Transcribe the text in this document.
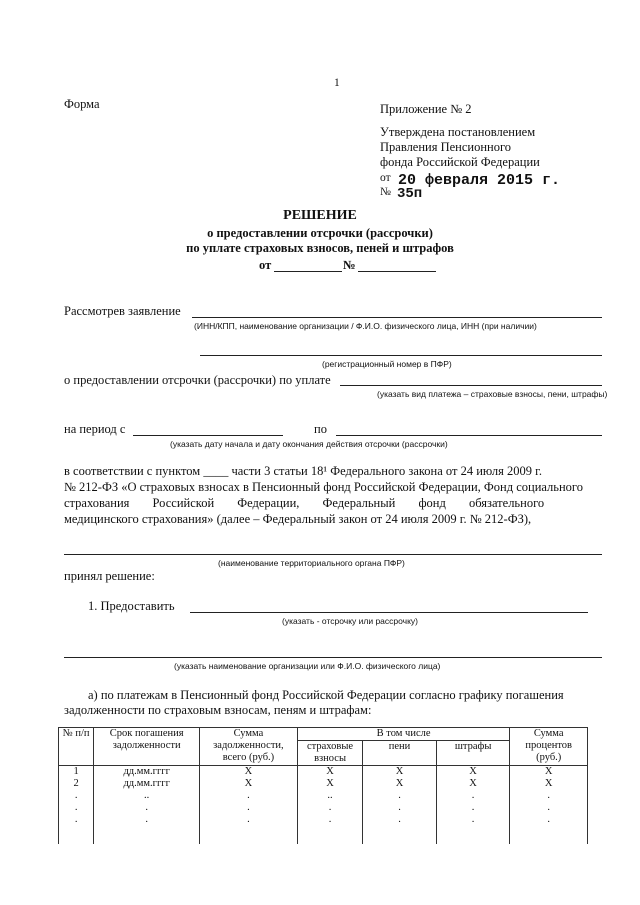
1
Форма	Приложение № 2
Утверждена постановлением
Правления Пенсионного
фонда Российской Федерации
от 20 февраля 2015 г.
№ 35п
РЕШЕНИЕ
о предоставлении отсрочки (рассрочки)
по уплате страховых взносов, пеней и штрафов
от	№
Рассмотрев заявление
(ИНН/КПП, наименование организации / Ф.И.О. физического лица, ИНН (при наличии)
(регистрационный номер в ПФР)
о предоставлении отсрочки (рассрочки) по уплате
(указать вид платежа – страховые взносы, пени, штрафы)
на период с	по
(указать дату начала и дату окончания действия отсрочки (рассрочки)
в соответствии с пунктом ____ части 3 статьи 18¹ Федерального закона от 24 июля 2009 г.
№ 212-ФЗ «О страховых взносах в Пенсионный фонд Российской Федерации, Фонд социального
страхования Российской Федерации, Федеральный фонд обязательного
медицинского страхования» (далее – Федеральный закон от 24 июля 2009 г. № 212-ФЗ),
(наименование территориального органа ПФР)
принял решение:
1. Предоставить
(указать - отсрочку или рассрочку)
(указать наименование организации или Ф.И.О. физического лица)
а) по платежам в Пенсионный фонд Российской Федерации согласно графику погашения
задолженности по страховым взносам, пеням и штрафам:
№ п/п	Срок погашения задолженности	Сумма задолженности, всего (руб.)	В том числе			Сумма процентов (руб.)
			страховые взносы	пени	штрафы	
1	дд.мм.гггг	X	X	X	X	X
2	дд.мм.гггг	X	X	X	X	X
.	..	.	..	.	.	.
.	.	.	.	.	.	.
.	.	.	.	.	.	.
